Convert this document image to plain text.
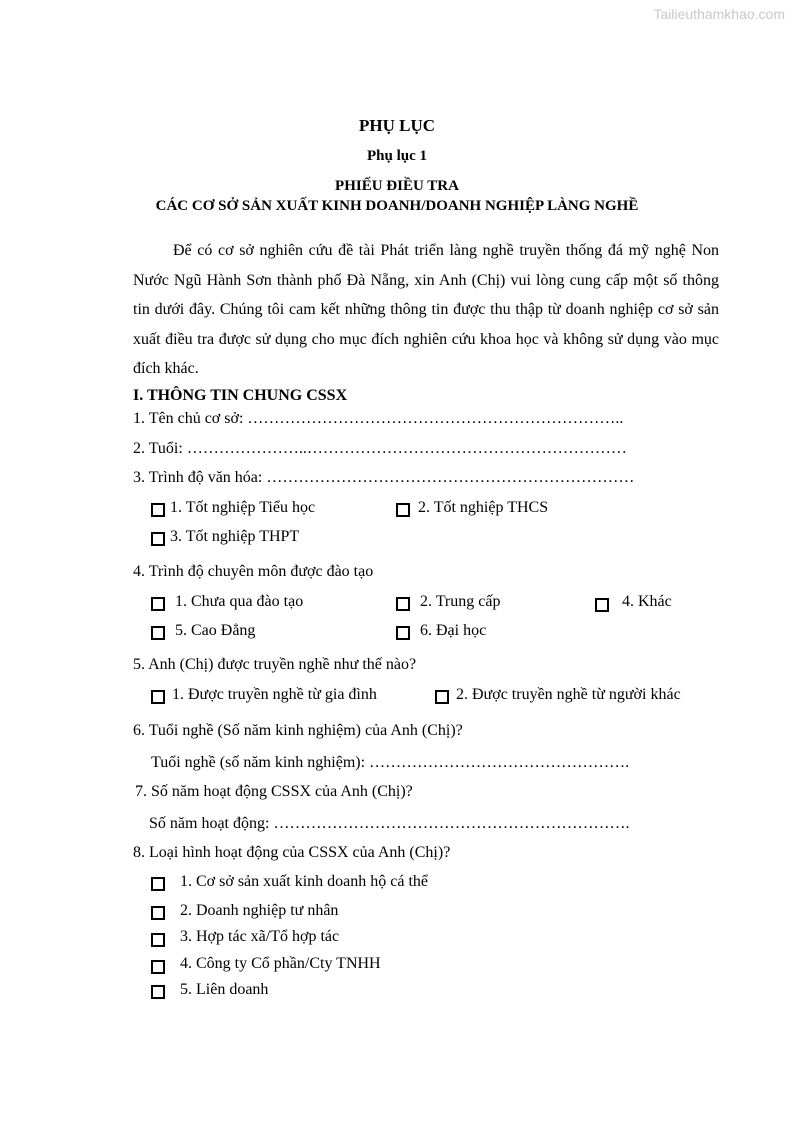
Tailieuthamkhao.com
PHỤ LỤC
Phụ lục 1
PHIẾU ĐIỀU TRA
CÁC CƠ SỞ SẢN XUẤT KINH DOANH/DOANH NGHIỆP LÀNG NGHỀ
Để có cơ sở nghiên cứu đề tài Phát triển làng nghề truyền thống đá mỹ nghệ Non Nước Ngũ Hành Sơn thành phố Đà Nẵng, xin Anh (Chị) vui lòng cung cấp một số thông tin dưới đây. Chúng tôi cam kết những thông tin được thu thập từ doanh nghiệp cơ sở sản xuất điều tra được sử dụng cho mục đích nghiên cứu khoa học và không sử dụng vào mục đích khác.
I. THÔNG TIN CHUNG CSSX
1. Tên chủ cơ sở: ……………………………………………………………..
2. Tuổi: …………………..……………………………………………………
3. Trình độ văn hóa: ……………………………………………………………
1. Tốt nghiệp Tiểu học	2. Tốt nghiệp THCS
3. Tốt nghiệp THPT
4. Trình độ chuyên môn được đào tạo
1. Chưa qua đào tạo	2. Trung cấp	4. Khác
5. Cao Đẳng	6. Đại học
5. Anh (Chị) được truyền nghề như thế nào?
1. Được truyền nghề từ gia đình	2. Được truyền nghề từ người khác
6. Tuổi nghề (Số năm kinh nghiệm) của Anh (Chị)?
Tuổi nghề (số năm kinh nghiệm): ………………………………………….
7. Số năm hoạt động CSSX của Anh (Chị)?
Số năm hoạt động: ………………………………………………………….
8. Loại hình hoạt động của CSSX của Anh (Chị)?
1. Cơ sở sản xuất kinh doanh hộ cá thể
2. Doanh nghiệp tư nhân
3. Hợp tác xã/Tổ hợp tác
4. Công ty Cổ phần/Cty TNHH
5. Liên doanh
